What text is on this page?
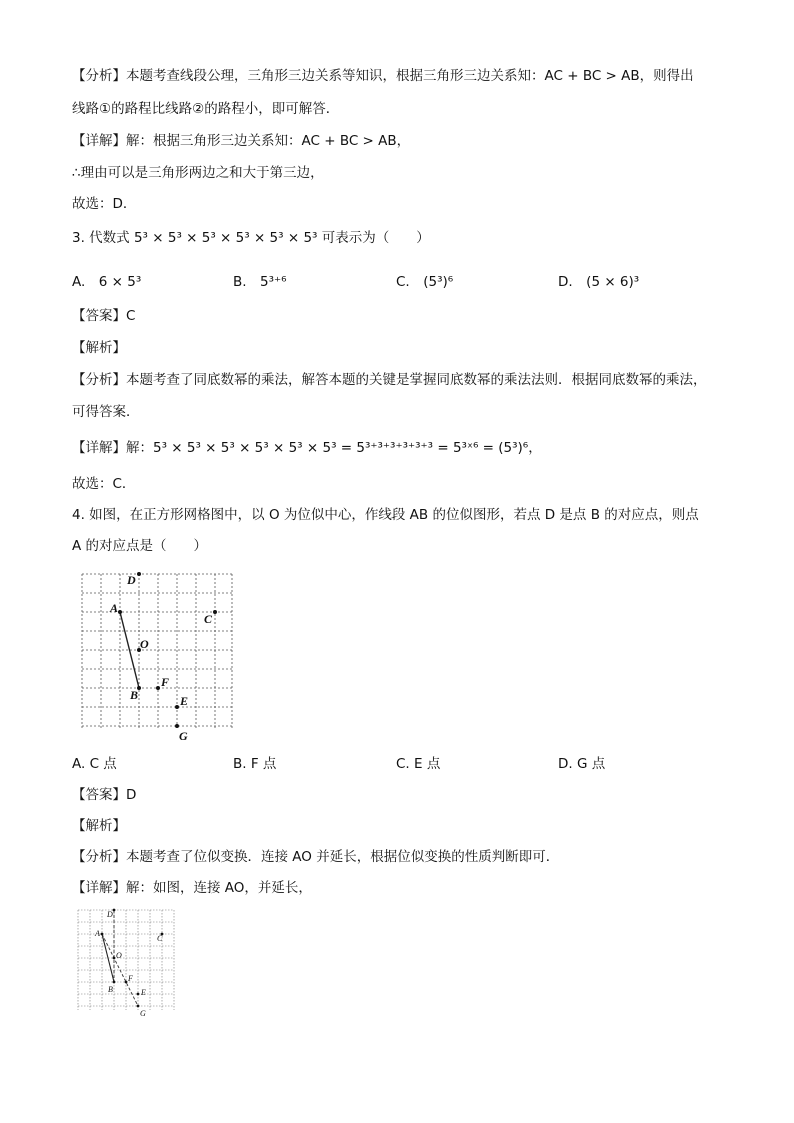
【分析】本题考查线段公理，三角形三边关系等知识，根据三角形三边关系知：AC + BC > AB，则得出
线路①的路程比线路②的路程小，即可解答．
【详解】解：根据三角形三边关系知：AC + BC > AB，
∴理由可以是三角形两边之和大于第三边，
故选：D．
3. 代数式 5³ × 5³ × 5³ × 5³ × 5³ × 5³ 可表示为（　　）
A.　6 × 5³	B.　5³⁺⁶	C.　(5³)⁶	D.　(5 × 6)³
【答案】C
【解析】
【分析】本题考查了同底数幂的乘法，解答本题的关键是掌握同底数幂的乘法法则．根据同底数幂的乘法，
可得答案．
【详解】解：5³ × 5³ × 5³ × 5³ × 5³ × 5³ = 5³⁺³⁺³⁺³⁺³⁺³ = 5³ˣ⁶ = (5³)⁶，
故选：C．
4. 如图，在正方形网格图中，以 O 为位似中心，作线段 AB 的位似图形，若点 D 是点 B 的对应点，则点
A 的对应点是（　　）
D
A
C
O
B
F
E
G
A. C 点	B. F 点	C. E 点	D. G 点
【答案】D
【解析】
【分析】本题考查了位似变换．连接 AO 并延长，根据位似变换的性质判断即可．
【详解】解：如图，连接 AO，并延长，
D
A
C
O
B
F
E
G
